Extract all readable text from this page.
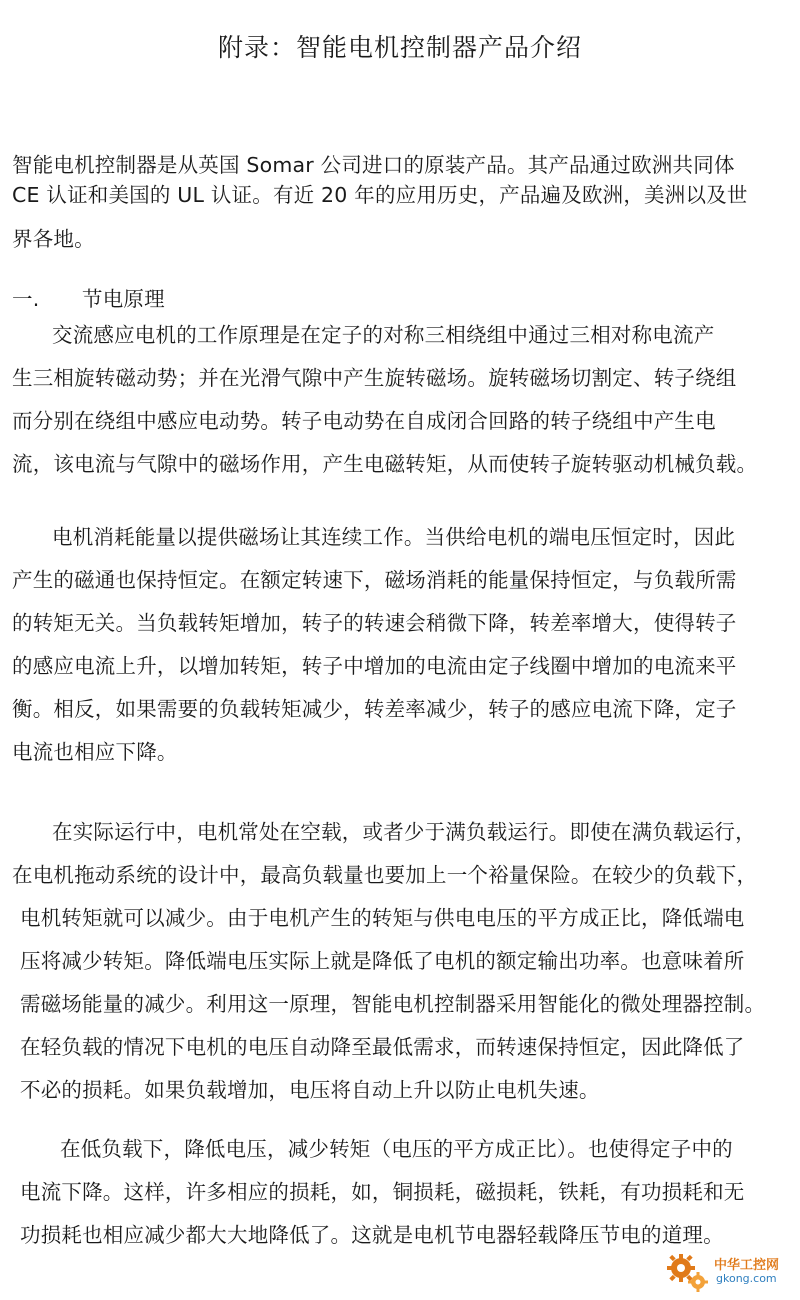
附录：智能电机控制器产品介绍
智能电机控制器是从英国 Somar 公司进口的原装产品。其产品通过欧洲共同体
CE 认证和美国的 UL 认证。有近 20 年的应用历史，产品遍及欧洲，美洲以及世
界各地。
一. 节电原理
交流感应电机的工作原理是在定子的对称三相绕组中通过三相对称电流产
生三相旋转磁动势；并在光滑气隙中产生旋转磁场。旋转磁场切割定、转子绕组
而分别在绕组中感应电动势。转子电动势在自成闭合回路的转子绕组中产生电
流，该电流与气隙中的磁场作用，产生电磁转矩，从而使转子旋转驱动机械负载。
电机消耗能量以提供磁场让其连续工作。当供给电机的端电压恒定时，因此
产生的磁通也保持恒定。在额定转速下，磁场消耗的能量保持恒定，与负载所需
的转矩无关。当负载转矩增加，转子的转速会稍微下降，转差率增大，使得转子
的感应电流上升，以增加转矩，转子中增加的电流由定子线圈中增加的电流来平
衡。相反，如果需要的负载转矩减少，转差率减少，转子的感应电流下降，定子
电流也相应下降。
在实际运行中，电机常处在空载，或者少于满负载运行。即使在满负载运行，
在电机拖动系统的设计中，最高负载量也要加上一个裕量保险。在较少的负载下，
电机转矩就可以减少。由于电机产生的转矩与供电电压的平方成正比，降低端电
压将减少转矩。降低端电压实际上就是降低了电机的额定输出功率。也意味着所
需磁场能量的减少。利用这一原理，智能电机控制器采用智能化的微处理器控制。
在轻负载的情况下电机的电压自动降至最低需求，而转速保持恒定，因此降低了
不必的损耗。如果负载增加，电压将自动上升以防止电机失速。
在低负载下，降低电压，减少转矩（电压的平方成正比）。也使得定子中的
电流下降。这样，许多相应的损耗，如，铜损耗，磁损耗，铁耗，有功损耗和无
功损耗也相应减少都大大地降低了。这就是电机节电器轻载降压节电的道理。
中华工控网
gkong.com
